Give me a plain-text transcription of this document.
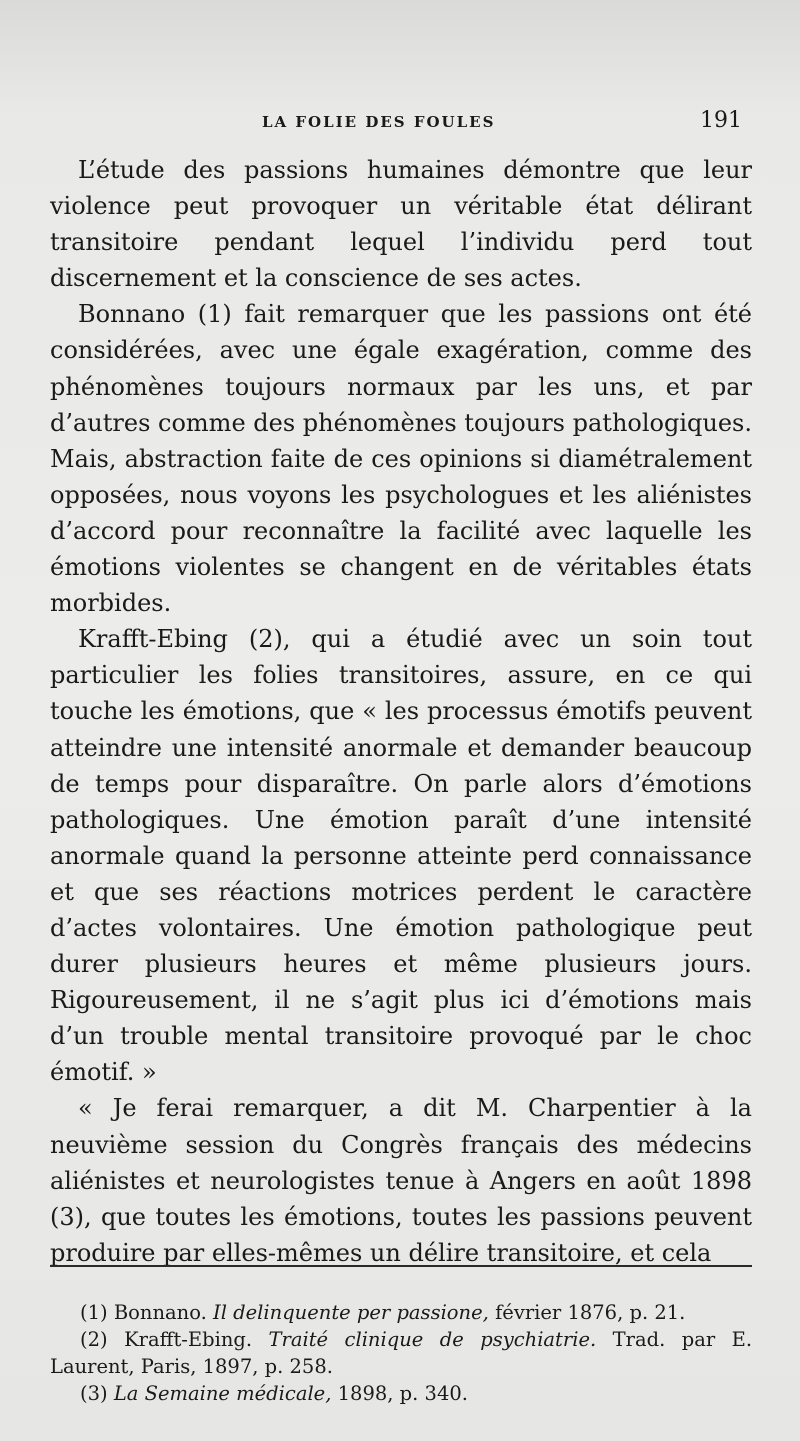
LA FOLIE DES FOULES	191

L’étude des passions humaines démontre que leur violence peut provoquer un véritable état délirant transitoire pendant lequel l’individu perd tout discernement et la conscience de ses actes.

Bonnano (1) fait remarquer que les passions ont été considérées, avec une égale exagération, comme des phénomènes toujours normaux par les uns, et par d’autres comme des phénomènes toujours pathologiques. Mais, abstraction faite de ces opinions si diamétralement opposées, nous voyons les psychologues et les aliénistes d’accord pour reconnaître la facilité avec laquelle les émotions violentes se changent en de véritables états morbides.

Krafft-Ebing (2), qui a étudié avec un soin tout particulier les folies transitoires, assure, en ce qui touche les émotions, que « les processus émotifs peuvent atteindre une intensité anormale et demander beaucoup de temps pour disparaître. On parle alors d’émotions pathologiques. Une émotion paraît d’une intensité anormale quand la personne atteinte perd connaissance et que ses réactions motrices perdent le caractère d’actes volontaires. Une émotion pathologique peut durer plusieurs heures et même plusieurs jours. Rigoureusement, il ne s’agit plus ici d’émotions mais d’un trouble mental transitoire provoqué par le choc émotif. »

« Je ferai remarquer, a dit M. Charpentier à la neuvième session du Congrès français des médecins aliénistes et neurologistes tenue à Angers en août 1898 (3), que toutes les émotions, toutes les passions peuvent produire par elles-mêmes un délire transitoire, et cela

(1) Bonnano. Il delinquente per passione, février 1876, p. 21.

(2) Krafft-Ebing. Traité clinique de psychiatrie. Trad. par E. Laurent, Paris, 1897, p. 258.

(3) La Semaine médicale, 1898, p. 340.
